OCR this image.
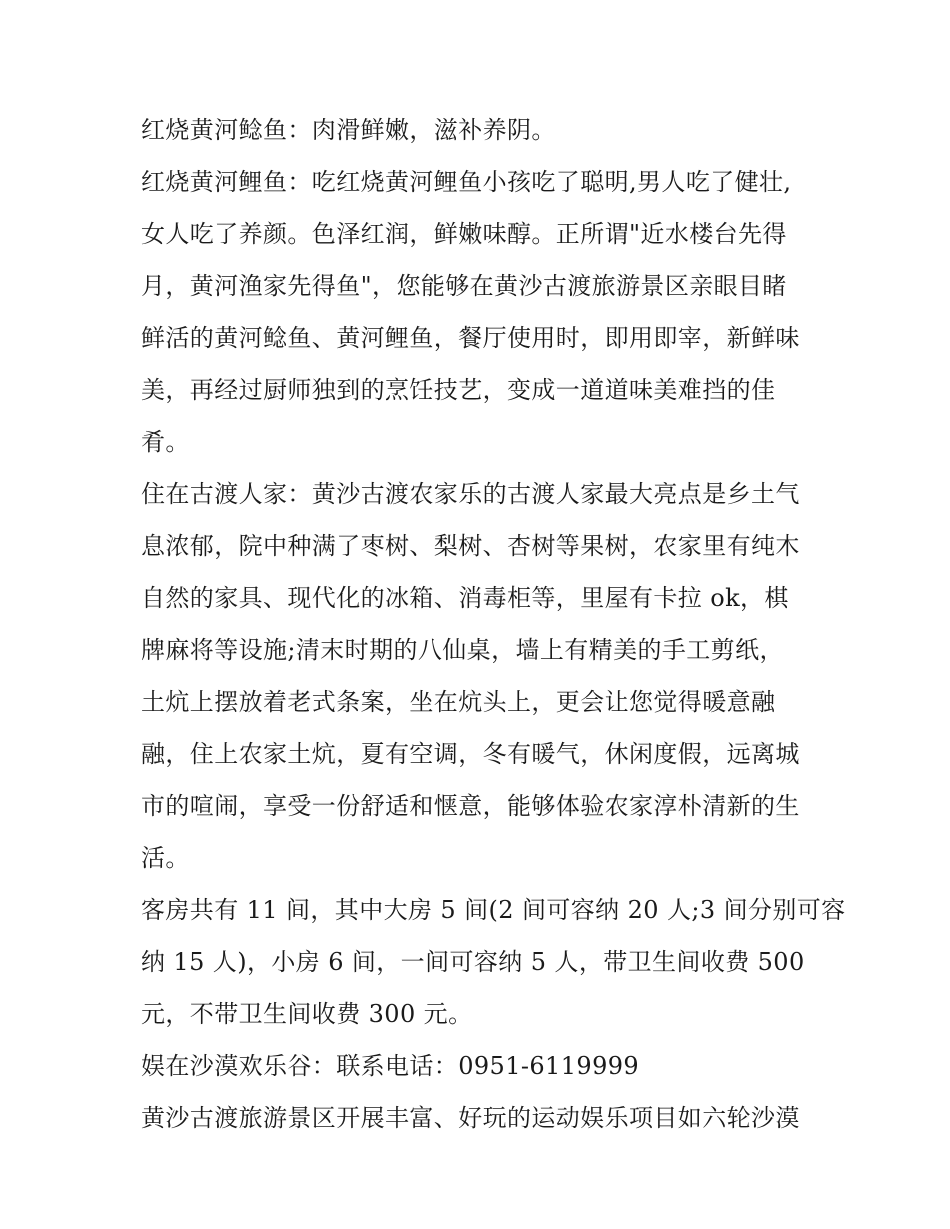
红烧黄河鲶鱼：肉滑鲜嫩，滋补养阴。
红烧黄河鲤鱼：吃红烧黄河鲤鱼小孩吃了聪明,男人吃了健壮,
女人吃了养颜。色泽红润，鲜嫩味醇。正所谓"近水楼台先得
月，黄河渔家先得鱼"，您能够在黄沙古渡旅游景区亲眼目睹
鲜活的黄河鲶鱼、黄河鲤鱼，餐厅使用时，即用即宰，新鲜味
美，再经过厨师独到的烹饪技艺，变成一道道味美难挡的佳
肴。
住在古渡人家：黄沙古渡农家乐的古渡人家最大亮点是乡土气
息浓郁，院中种满了枣树、梨树、杏树等果树，农家里有纯木
自然的家具、现代化的冰箱、消毒柜等，里屋有卡拉 ok，棋
牌麻将等设施;清末时期的八仙桌，墙上有精美的手工剪纸，
土炕上摆放着老式条案，坐在炕头上，更会让您觉得暖意融
融，住上农家土炕，夏有空调，冬有暖气，休闲度假，远离城
市的喧闹，享受一份舒适和惬意，能够体验农家淳朴清新的生
活。
客房共有 11 间，其中大房 5 间(2 间可容纳 20 人;3 间分别可容
纳 15 人)，小房 6 间，一间可容纳 5 人，带卫生间收费 500
元，不带卫生间收费 300 元。
娱在沙漠欢乐谷：联系电话：0951-6119999
黄沙古渡旅游景区开展丰富、好玩的运动娱乐项目如六轮沙漠
